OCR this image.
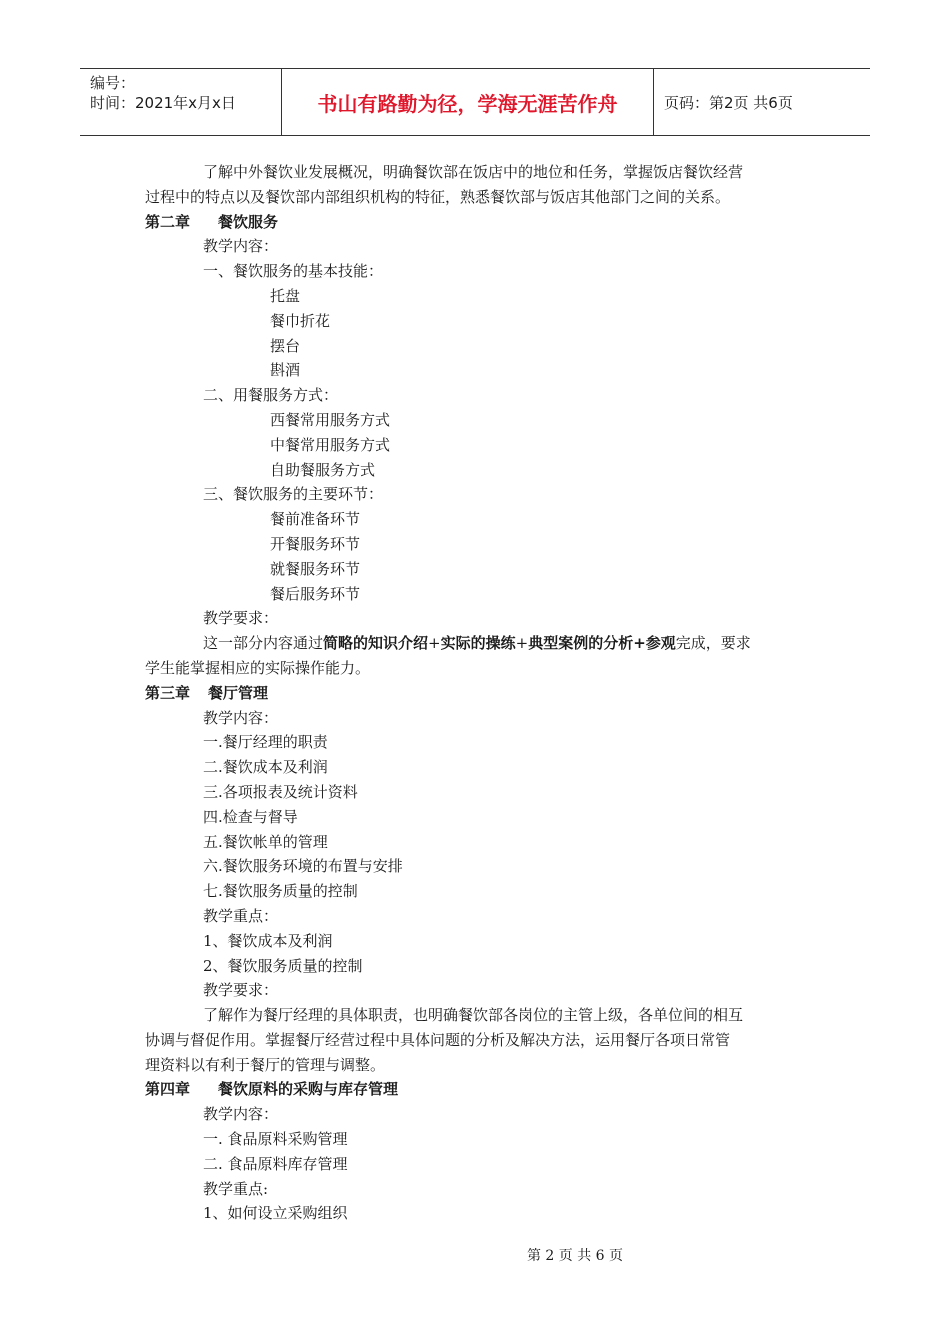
编号：
时间：2021年x月x日	书山有路勤为径，学海无涯苦作舟	页码：第2页 共6页
了解中外餐饮业发展概况，明确餐饮部在饭店中的地位和任务，掌握饭店餐饮经营
过程中的特点以及餐饮部内部组织机构的特征，熟悉餐饮部与饭店其他部门之间的关系。
第二章 餐饮服务
教学内容：
一、餐饮服务的基本技能：
托盘
餐巾折花
摆台
斟酒
二、用餐服务方式：
西餐常用服务方式
中餐常用服务方式
自助餐服务方式
三、餐饮服务的主要环节：
餐前准备环节
开餐服务环节
就餐服务环节
餐后服务环节
教学要求：
这一部分内容通过简略的知识介绍+实际的操练+典型案例的分析+参观完成，要求
学生能掌握相应的实际操作能力。
第三章 餐厅管理
教学内容：
一.餐厅经理的职责
二.餐饮成本及利润
三.各项报表及统计资料
四.检查与督导
五.餐饮帐单的管理
六.餐饮服务环境的布置与安排
七.餐饮服务质量的控制
教学重点：
1、餐饮成本及利润
2、餐饮服务质量的控制
教学要求：
了解作为餐厅经理的具体职责，也明确餐饮部各岗位的主管上级，各单位间的相互
协调与督促作用。掌握餐厅经营过程中具体问题的分析及解决方法，运用餐厅各项日常管
理资料以有利于餐厅的管理与调整。
第四章 餐饮原料的采购与库存管理
教学内容：
一. 食品原料采购管理
二. 食品原料库存管理
教学重点:
1、如何设立采购组织
第 2 页 共 6 页
